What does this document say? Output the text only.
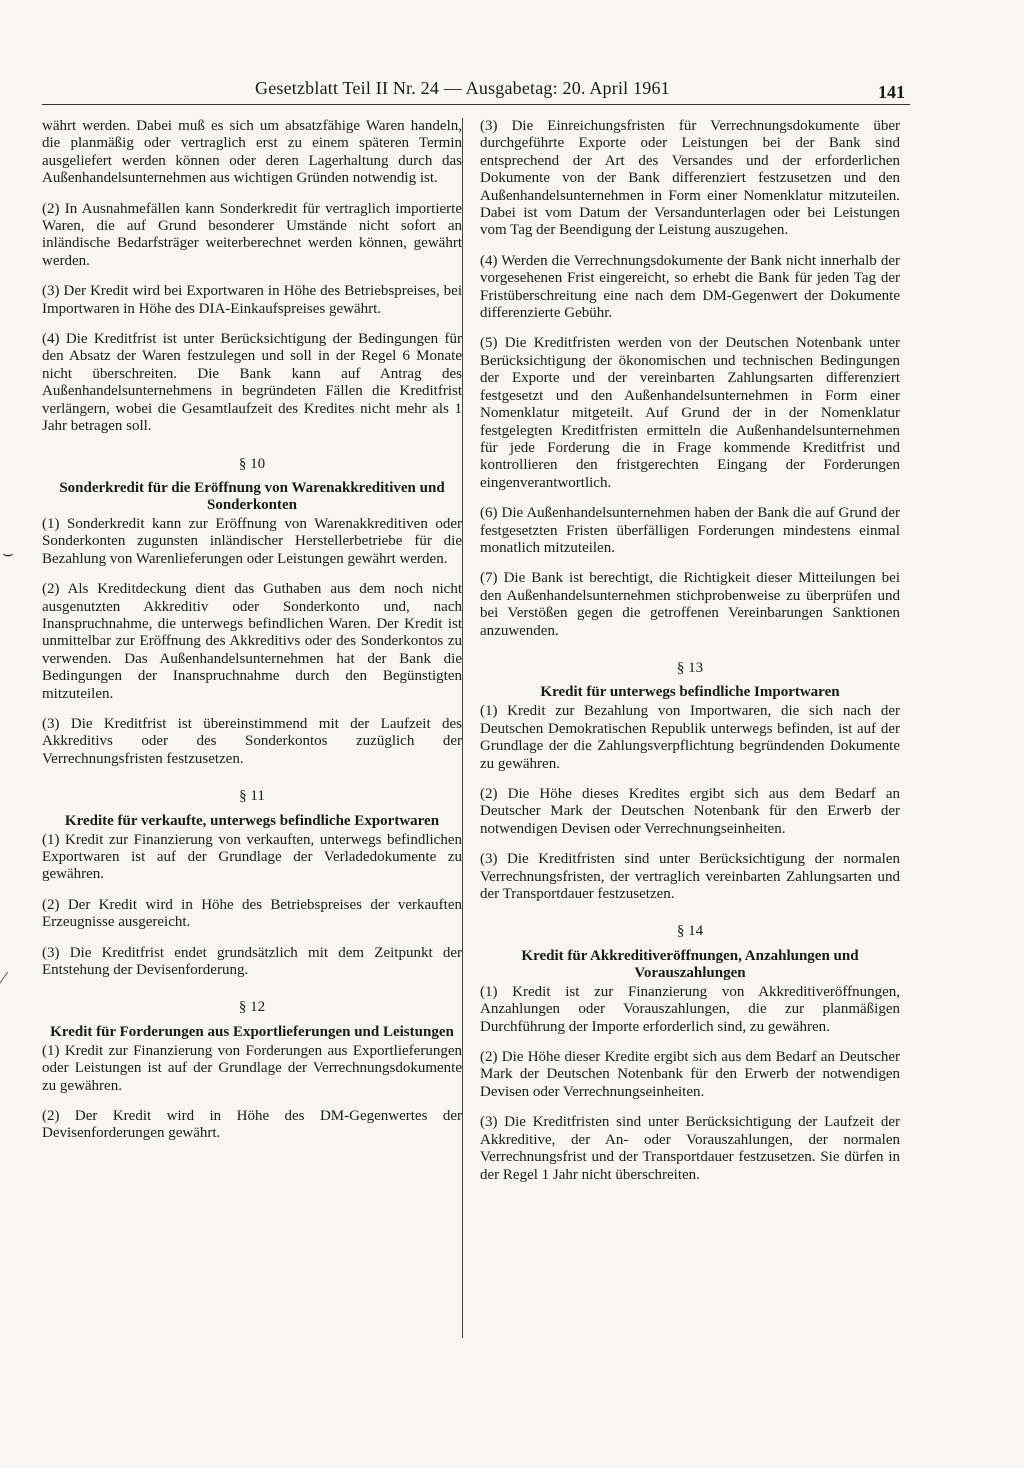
Gesetzblatt Teil II Nr. 24 — Ausgabetag: 20. April 1961	141
⌣
⁄

währt werden. Dabei muß es sich um absatzfähige Waren handeln, die planmäßig oder vertraglich erst zu einem späteren Termin ausgeliefert werden können oder deren Lagerhaltung durch das Außenhandelsunternehmen aus wichtigen Gründen notwendig ist.

(2) In Ausnahmefällen kann Sonderkredit für vertraglich importierte Waren, die auf Grund besonderer Umstände nicht sofort an inländische Bedarfsträger weiterberechnet werden können, gewährt werden.

(3) Der Kredit wird bei Exportwaren in Höhe des Betriebspreises, bei Importwaren in Höhe des DIA-Einkaufspreises gewährt.

(4) Die Kreditfrist ist unter Berücksichtigung der Bedingungen für den Absatz der Waren festzulegen und soll in der Regel 6 Monate nicht überschreiten. Die Bank kann auf Antrag des Außenhandelsunternehmens in begründeten Fällen die Kreditfrist verlängern, wobei die Gesamtlaufzeit des Kredites nicht mehr als 1 Jahr betragen soll.

§ 10
Sonderkredit für die Eröffnung von Warenakkreditiven und Sonderkonten

(1) Sonderkredit kann zur Eröffnung von Warenakkreditiven oder Sonderkonten zugunsten inländischer Herstellerbetriebe für die Bezahlung von Warenlieferungen oder Leistungen gewährt werden.

(2) Als Kreditdeckung dient das Guthaben aus dem noch nicht ausgenutzten Akkreditiv oder Sonderkonto und, nach Inanspruchnahme, die unterwegs befindlichen Waren. Der Kredit ist unmittelbar zur Eröffnung des Akkreditivs oder des Sonderkontos zu verwenden. Das Außenhandelsunternehmen hat der Bank die Bedingungen der Inanspruchnahme durch den Begünstigten mitzuteilen.

(3) Die Kreditfrist ist übereinstimmend mit der Laufzeit des Akkreditivs oder des Sonderkontos zuzüglich der Verrechnungsfristen festzusetzen.

§ 11
Kredite für verkaufte, unterwegs befindliche Exportwaren

(1) Kredit zur Finanzierung von verkauften, unterwegs befindlichen Exportwaren ist auf der Grundlage der Verladedokumente zu gewähren.

(2) Der Kredit wird in Höhe des Betriebspreises der verkauften Erzeugnisse ausgereicht.

(3) Die Kreditfrist endet grundsätzlich mit dem Zeitpunkt der Entstehung der Devisenforderung.

§ 12
Kredit für Forderungen aus Exportlieferungen und Leistungen

(1) Kredit zur Finanzierung von Forderungen aus Exportlieferungen oder Leistungen ist auf der Grundlage der Verrechnungsdokumente zu gewähren.

(2) Der Kredit wird in Höhe des DM-Gegenwertes der Devisenforderungen gewährt.

(3) Die Einreichungsfristen für Verrechnungsdokumente über durchgeführte Exporte oder Leistungen bei der Bank sind entsprechend der Art des Versandes und der erforderlichen Dokumente von der Bank differenziert festzusetzen und den Außenhandelsunternehmen in Form einer Nomenklatur mitzuteilen. Dabei ist vom Datum der Versandunterlagen oder bei Leistungen vom Tag der Beendigung der Leistung auszugehen.

(4) Werden die Verrechnungsdokumente der Bank nicht innerhalb der vorgesehenen Frist eingereicht, so erhebt die Bank für jeden Tag der Fristüberschreitung eine nach dem DM-Gegenwert der Dokumente differenzierte Gebühr.

(5) Die Kreditfristen werden von der Deutschen Notenbank unter Berücksichtigung der ökonomischen und technischen Bedingungen der Exporte und der vereinbarten Zahlungsarten differenziert festgesetzt und den Außenhandelsunternehmen in Form einer Nomenklatur mitgeteilt. Auf Grund der in der Nomenklatur festgelegten Kreditfristen ermitteln die Außenhandelsunternehmen für jede Forderung die in Frage kommende Kreditfrist und kontrollieren den fristgerechten Eingang der Forderungen eingenverantwortlich.

(6) Die Außenhandelsunternehmen haben der Bank die auf Grund der festgesetzten Fristen überfälligen Forderungen mindestens einmal monatlich mitzuteilen.

(7) Die Bank ist berechtigt, die Richtigkeit dieser Mitteilungen bei den Außenhandelsunternehmen stichprobenweise zu überprüfen und bei Verstößen gegen die getroffenen Vereinbarungen Sanktionen anzuwenden.

§ 13
Kredit für unterwegs befindliche Importwaren

(1) Kredit zur Bezahlung von Importwaren, die sich nach der Deutschen Demokratischen Republik unterwegs befinden, ist auf der Grundlage der die Zahlungsverpflichtung begründenden Dokumente zu gewähren.

(2) Die Höhe dieses Kredites ergibt sich aus dem Bedarf an Deutscher Mark der Deutschen Notenbank für den Erwerb der notwendigen Devisen oder Verrechnungseinheiten.

(3) Die Kreditfristen sind unter Berücksichtigung der normalen Verrechnungsfristen, der vertraglich vereinbarten Zahlungsarten und der Transportdauer festzusetzen.

§ 14
Kredit für Akkreditiveröffnungen, Anzahlungen und Vorauszahlungen

(1) Kredit ist zur Finanzierung von Akkreditiveröffnungen, Anzahlungen oder Vorauszahlungen, die zur planmäßigen Durchführung der Importe erforderlich sind, zu gewähren.

(2) Die Höhe dieser Kredite ergibt sich aus dem Bedarf an Deutscher Mark der Deutschen Notenbank für den Erwerb der notwendigen Devisen oder Verrechnungseinheiten.

(3) Die Kreditfristen sind unter Berücksichtigung der Laufzeit der Akkreditive, der An- oder Vorauszahlungen, der normalen Verrechnungsfrist und der Transportdauer festzusetzen. Sie dürfen in der Regel 1 Jahr nicht überschreiten.
